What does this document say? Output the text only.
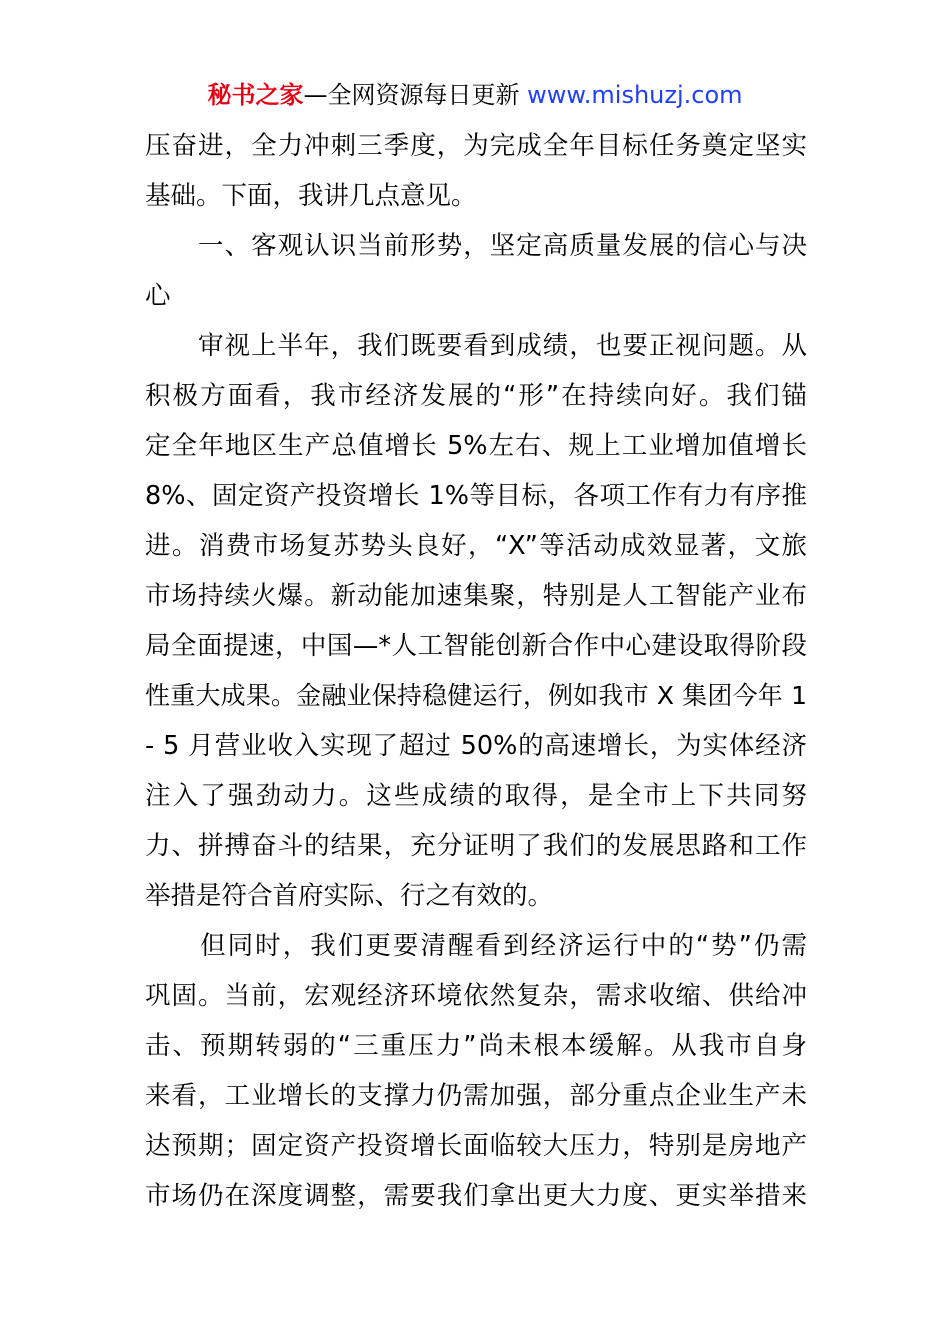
秘书之家—全网资源每日更新 www.mishuzj.com
压奋进，全力冲刺三季度，为完成全年目标任务奠定坚实
基础。下面，我讲几点意见。
　　一、客观认识当前形势，坚定高质量发展的信心与决
心
　　审视上半年，我们既要看到成绩，也要正视问题。从
积极方面看，我市经济发展的“形”在持续向好。我们锚
定全年地区生产总值增长 5%左右、规上工业增加值增长
8%、固定资产投资增长 1%等目标，各项工作有力有序推
进。消费市场复苏势头良好，“X”等活动成效显著，文旅
市场持续火爆。新动能加速集聚，特别是人工智能产业布
局全面提速，中国—*人工智能创新合作中心建设取得阶段
性重大成果。金融业保持稳健运行，例如我市 X 集团今年 1
- 5 月营业收入实现了超过 50%的高速增长，为实体经济
注入了强劲动力。这些成绩的取得，是全市上下共同努
力、拼搏奋斗的结果，充分证明了我们的发展思路和工作
举措是符合首府实际、行之有效的。
　　但同时，我们更要清醒看到经济运行中的“势”仍需
巩固。当前，宏观经济环境依然复杂，需求收缩、供给冲
击、预期转弱的“三重压力”尚未根本缓解。从我市自身
来看，工业增长的支撑力仍需加强，部分重点企业生产未
达预期；固定资产投资增长面临较大压力，特别是房地产
市场仍在深度调整，需要我们拿出更大力度、更实举措来
